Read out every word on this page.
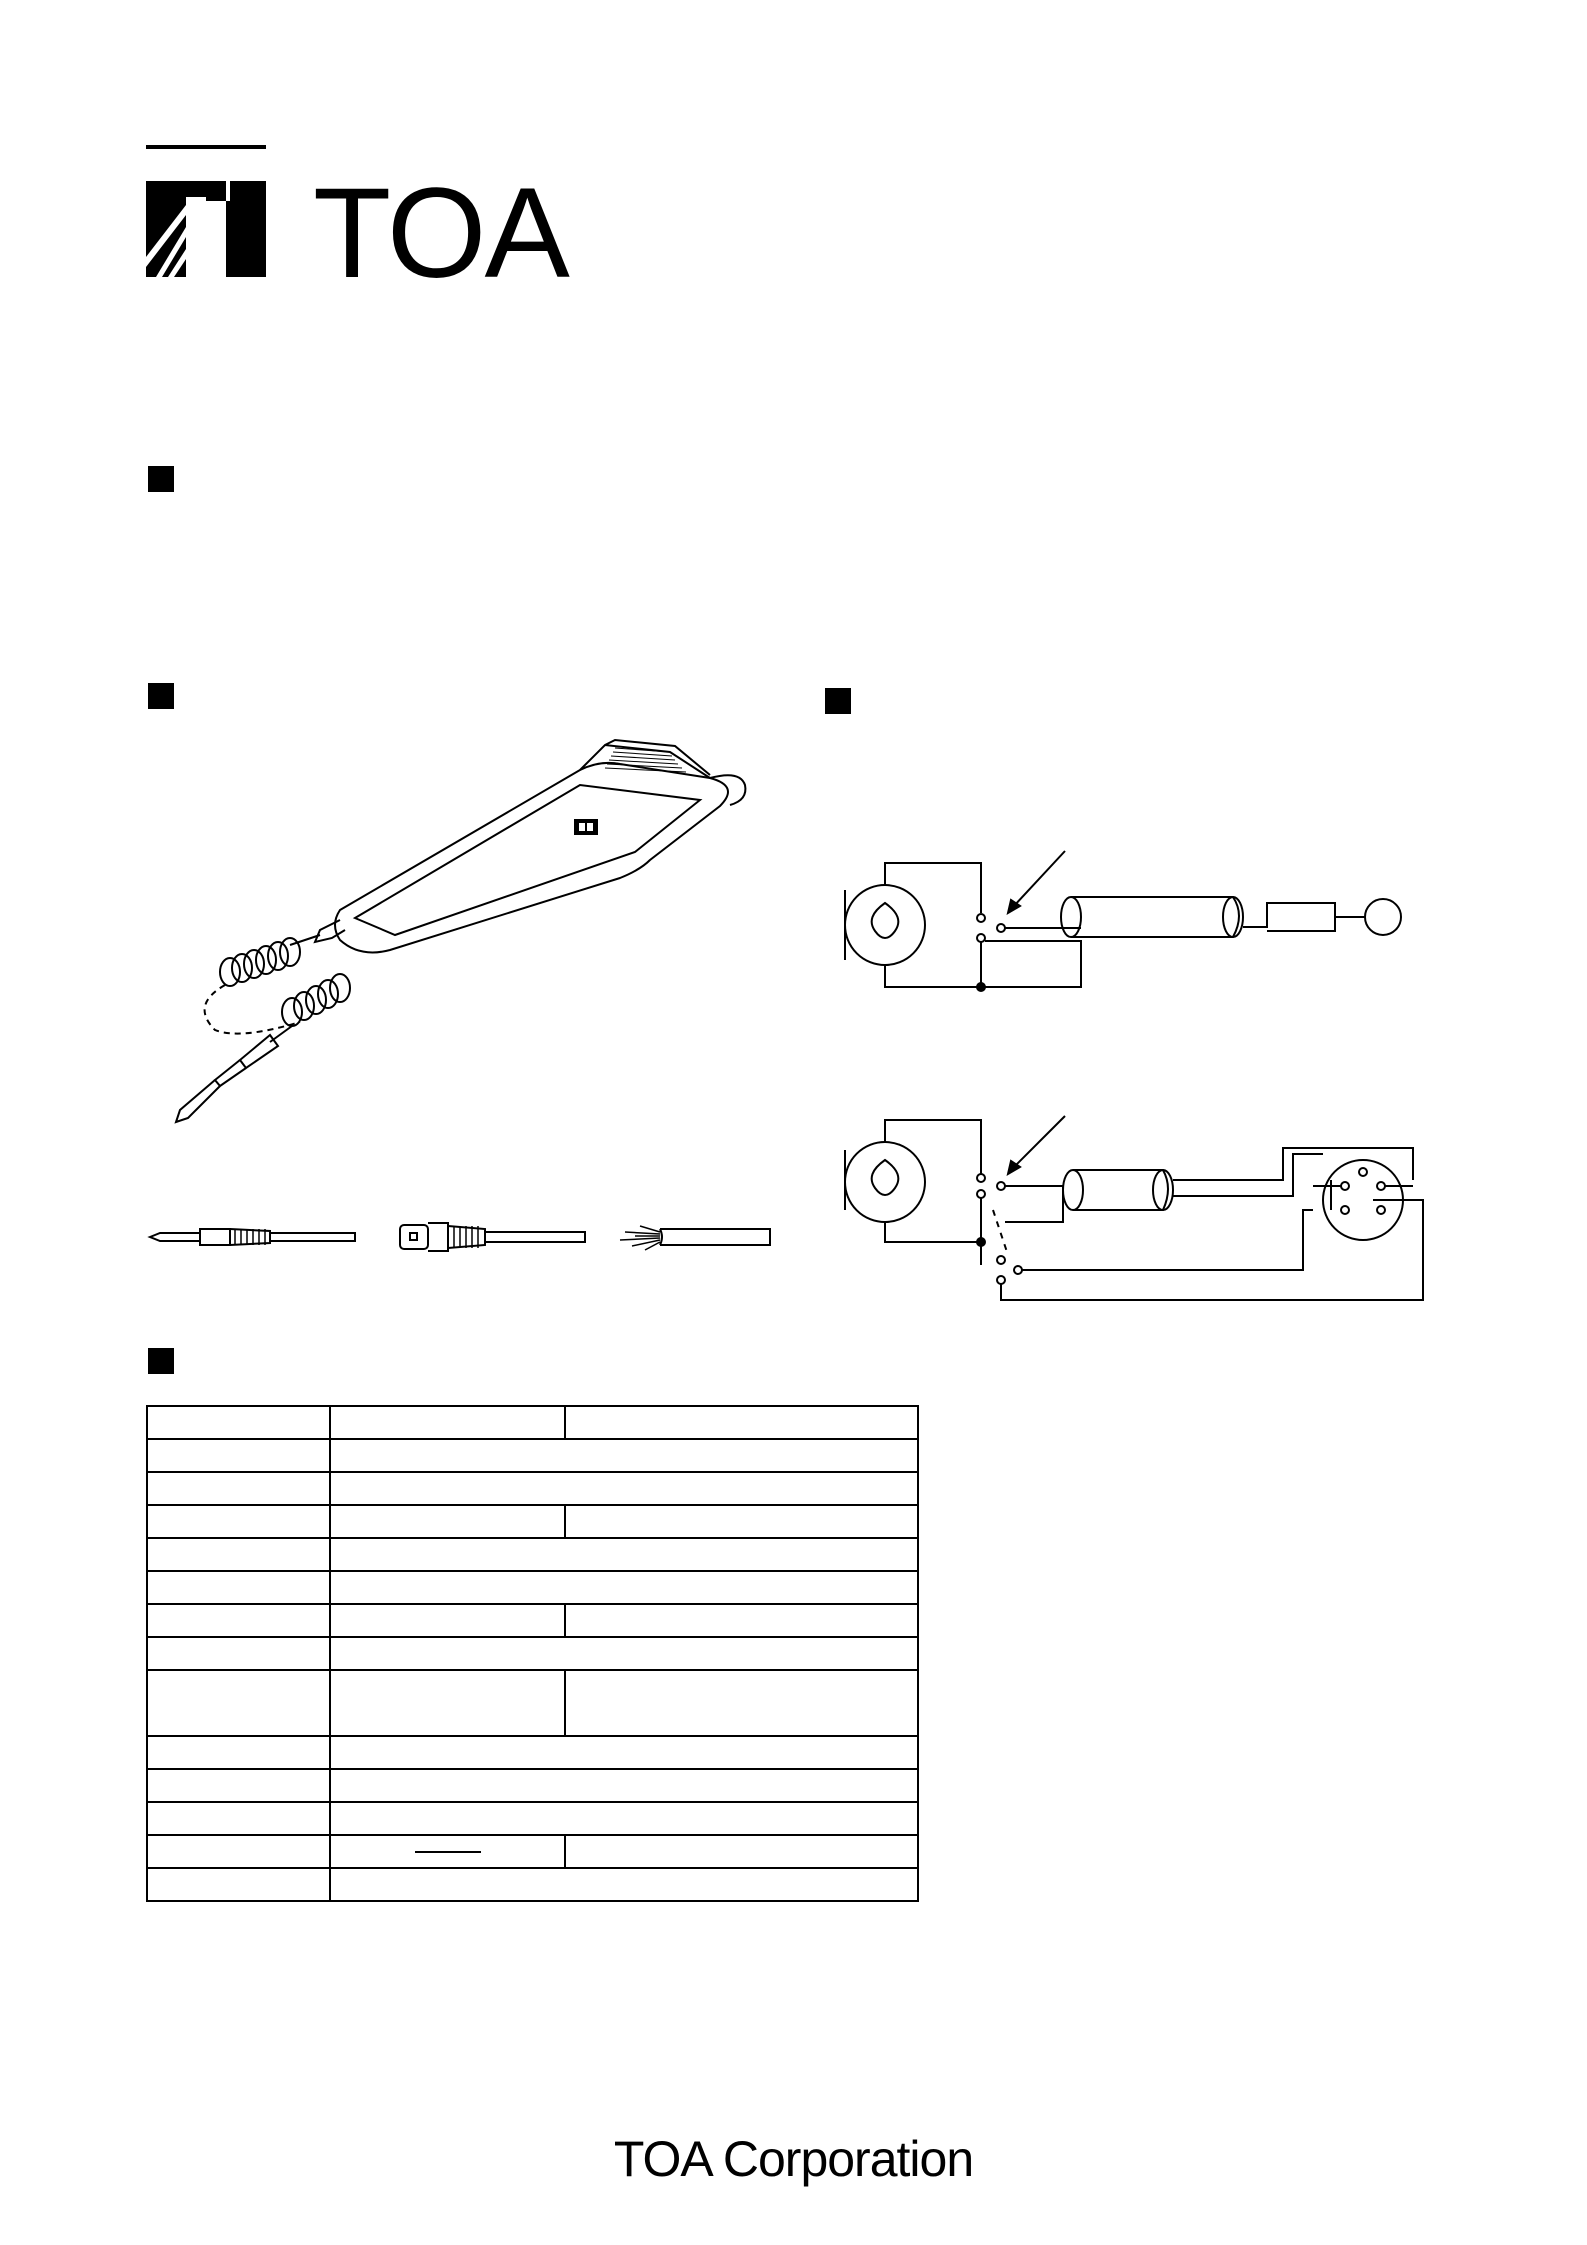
TOA

TOA Corporation
